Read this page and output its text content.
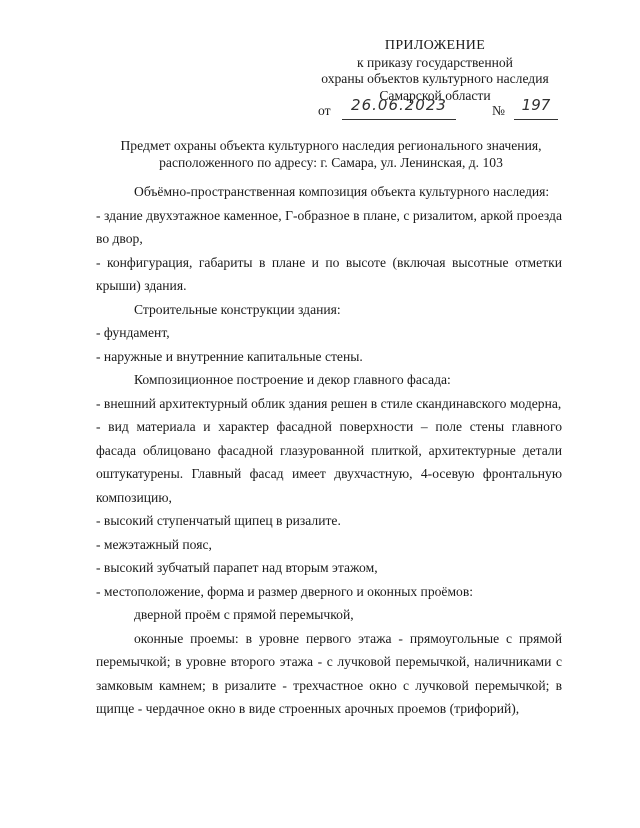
ПРИЛОЖЕНИЕ
к приказу государственной
охраны объектов культурного наследия
Самарской области
от	26.06.2023	№	197
Предмет охраны объекта культурного наследия регионального значения,
расположенного по адресу: г. Самара, ул. Ленинская, д. 103

Объёмно-пространственная композиция объекта культурного наследия:

- здание двухэтажное каменное, Г-образное в плане, с ризалитом, аркой проезда во двор,

- конфигурация, габариты в плане и по высоте (включая высотные отметки крыши) здания.

Строительные конструкции здания:

- фундамент,

- наружные и внутренние капитальные стены.

Композиционное построение и декор главного фасада:

- внешний архитектурный облик здания решен в стиле скандинавского модерна,

- вид материала и характер фасадной поверхности – поле стены главного фасада облицовано фасадной глазурованной плиткой, архитектурные детали оштукатурены. Главный фасад имеет двухчастную, 4-осевую фронтальную композицию,

- высокий ступенчатый щипец в ризалите.

- межэтажный пояс,

- высокий зубчатый парапет над вторым этажом,

- местоположение, форма и размер дверного и оконных проёмов:

дверной проём с прямой перемычкой,

оконные проемы: в уровне первого этажа - прямоугольные с прямой перемычкой; в уровне второго этажа - с лучковой перемычкой, наличниками с замковым камнем; в ризалите - трехчастное окно с лучковой перемычкой; в щипце - чердачное окно в виде строенных арочных проемов (трифорий),
